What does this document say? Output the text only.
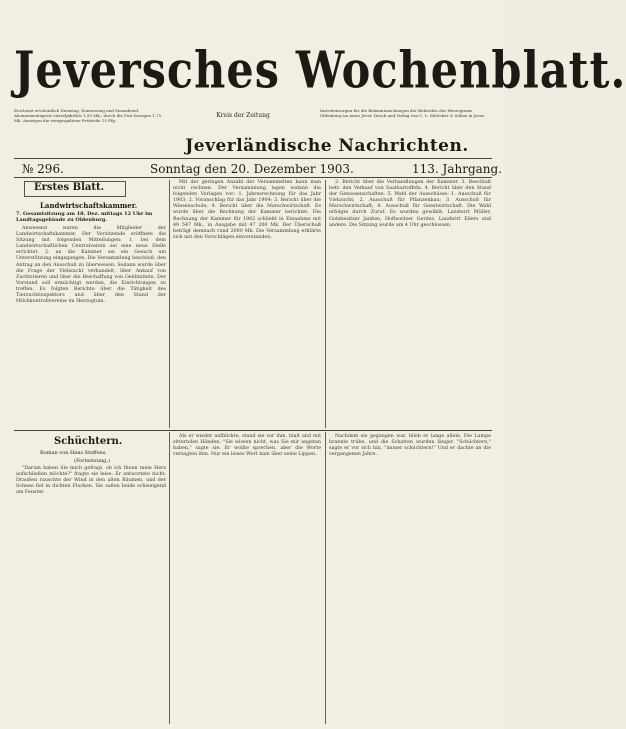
Jeversches Wochenblatt.
Erscheint wöchentlich Dienstag, Donnerstag und Sonnabend. Abonnementspreis vierteljährlich 1,50 Mk., durch die Post bezogen 1,75 Mk. Anzeigen die viergespaltene Petitzeile 15 Pfg.
Kreis der Zeitung
Insertionsorgan für die Bekanntmachungen der Behörden des Herzogtums Oldenburg im Amte Jever. Druck und Verlag von C. L. Mettcker & Söhne in Jever.
Jeverländische Nachrichten.
№ 296.	Sonntag den 20. Dezember 1903.	113. Jahrgang.
Erstes Blatt.
Landwirtschaftskammer.
7. Gesamtsitzung am 18. Dez. mittags 12 Uhr im Landtagsgebäude zu Oldenburg.

Anwesend waren die Mitglieder der Landwirtschaftskammer. Der Vorsitzende eröffnete die Sitzung mit folgenden Mitteilungen: 1. bei dem Landwirtschaftlichen Centralverein sei eine neue Stelle errichtet. 2. an die Kammer sei ein Gesuch um Unterstützung eingegangen. Die Versammlung beschloß, den Antrag an den Ausschuß zu überweisen. Sodann wurde über die Frage der Viehzucht verhandelt, über Ankauf von Zuchtstieren und über die Beschaffung von Geldmitteln. Der Vorstand soll ermächtigt werden, die Einrichtungen zu treffen. Es folgten Berichte über die Tätigkeit des Tierzuchtinspektors und über den Stand der Milchkontrollvereine im Herzogtum.

Mit der geringen Anzahl der Versammelten kann man nicht rechnen. Der Versammlung lagen sodann die folgenden Vorlagen vor: 1. Jahresrechnung für das Jahr 1903; 2. Voranschlag für das Jahr 1904; 3. Bericht über die Wiesenschule; 4. Bericht über die Marschwirtschaft. Es wurde über die Rechnung der Kammer berichtet. Die Rechnung der Kammer für 1902 schließt in Einnahme mit 49 547 Mk., in Ausgabe mit 47 200 Mk. Der Überschuß beträgt demnach rund 2000 Mk. Die Versammlung erklärte sich mit den Vorschlägen einverstanden.

2. Bericht über die Verhandlungen der Kammer. 3. Beschluß betr. den Verkauf von Saatkartoffeln. 4. Bericht über den Stand der Genossenschaften. 5. Wahl der Ausschüsse: 1. Ausschuß für Viehzucht; 2. Ausschuß für Pflanzenbau; 3. Ausschuß für Marschwirtschaft; 4. Ausschuß für Geestwirtschaft. Die Wahl erfolgte durch Zuruf. Es wurden gewählt: Landwirt Müller, Gutsbesitzer Janßen, Hofbesitzer Gerdes, Landwirt Eilers und andere. Die Sitzung wurde um 4 Uhr geschlossen.

Schüchtern.
Roman von Hans Steffens.
(Fortsetzung.)

"Darum haben Sie mich gefragt, ob ich Ihnen mein Herz aufschließen möchte?" fragte sie leise. Er antwortete nicht. Draußen rauschte der Wind in den alten Bäumen, und der Schnee fiel in dichten Flocken. Sie saßen beide schweigend am Fenster.

Als er wieder aufblickte, stand sie vor ihm, blaß und mit zitternden Händen. "Sie wissen nicht, was Sie mir angetan haben," sagte sie. Er wollte sprechen, aber die Worte versagten ihm. Nur ein leises Wort kam über seine Lippen.

Nachdem sie gegangen war, blieb er lange allein. Die Lampe brannte trübe, und die Schatten wurden länger. "Schüchtern," sagte er vor sich hin, "immer schüchtern!" Und er dachte an die vergangenen Jahre.
